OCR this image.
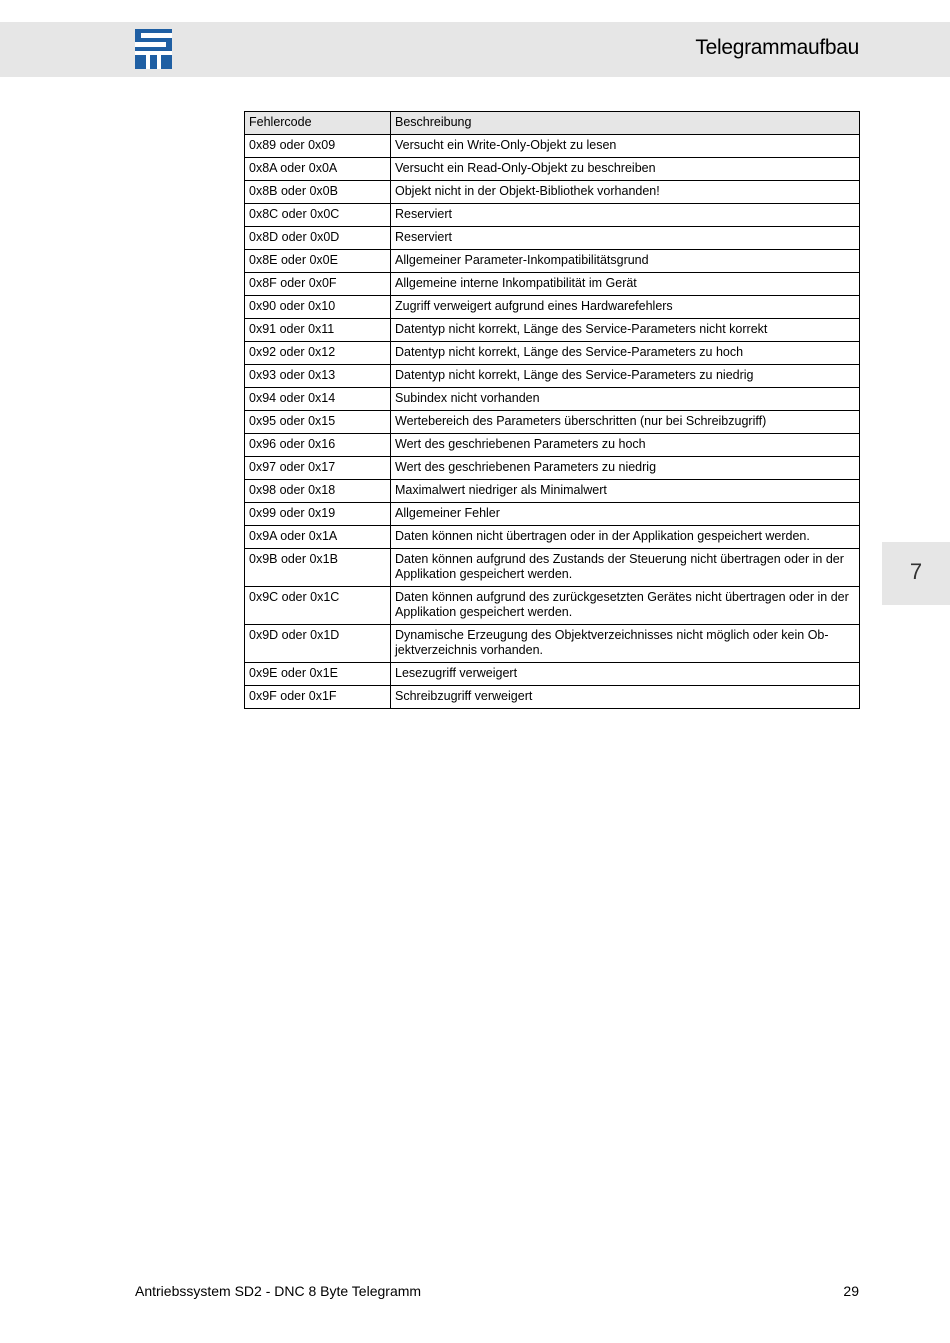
Telegrammaufbau
7
Fehlercode	Beschreibung
0x89 oder 0x09	Versucht ein Write-Only-Objekt zu lesen
0x8A oder 0x0A	Versucht ein Read-Only-Objekt zu beschreiben
0x8B oder 0x0B	Objekt nicht in der Objekt-Bibliothek vorhanden!
0x8C oder 0x0C	Reserviert
0x8D oder 0x0D	Reserviert
0x8E oder 0x0E	Allgemeiner Parameter-Inkompatibilitätsgrund
0x8F oder 0x0F	Allgemeine interne Inkompatibilität im Gerät
0x90 oder 0x10	Zugriff verweigert aufgrund eines Hardwarefehlers
0x91 oder 0x11	Datentyp nicht korrekt, Länge des Service-Parameters nicht korrekt
0x92 oder 0x12	Datentyp nicht korrekt, Länge des Service-Parameters zu hoch
0x93 oder 0x13	Datentyp nicht korrekt, Länge des Service-Parameters zu niedrig
0x94 oder 0x14	Subindex nicht vorhanden
0x95 oder 0x15	Wertebereich des Parameters überschritten (nur bei Schreibzugriff)
0x96 oder 0x16	Wert des geschriebenen Parameters zu hoch
0x97 oder 0x17	Wert des geschriebenen Parameters zu niedrig
0x98 oder 0x18	Maximalwert niedriger als Minimalwert
0x99 oder 0x19	Allgemeiner Fehler
0x9A oder 0x1A	Daten können nicht übertragen oder in der Applikation gespeichert werden.
0x9B oder 0x1B	Daten können aufgrund des Zustands der Steuerung nicht übertragen oder in der Applikation gespeichert werden.
0x9C oder 0x1C	Daten können aufgrund des zurückgesetzten Gerätes nicht übertragen oder in der Applikation gespeichert werden.
0x9D oder 0x1D	Dynamische Erzeugung des Objektverzeichnisses nicht möglich oder kein Ob-jektverzeichnis vorhanden.
0x9E oder 0x1E	Lesezugriff verweigert
0x9F oder 0x1F	Schreibzugriff verweigert
Antriebssystem SD2 - DNC 8 Byte Telegramm	29
